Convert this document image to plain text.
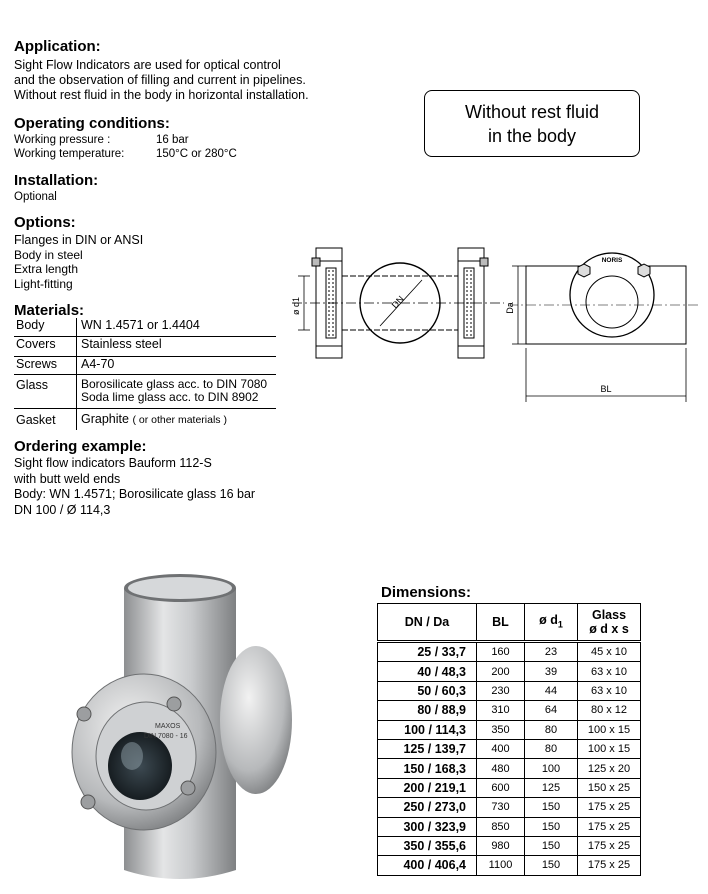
Application:
Sight Flow Indicators are used for optical control
and the observation of filling and current in pipelines.
Without rest fluid in the body in horizontal installation.
Operating conditions:
Working pressure :	16 bar
Working temperature:	150°C or 280°C
Installation:
Optional
Options:
Flanges in DIN or ANSI
Body in steel
Extra length
Light-fitting
Materials:
Body	WN 1.4571 or 1.4404
Covers	Stainless steel
Screws	A4-70
Glass	Borosilicate glass acc. to DIN 7080
Soda lime glass acc. to DIN 8902

Gasket	Graphite ( or other materials )
Ordering example:
Sight flow indicators Bauform 112-S
with butt weld ends
Body: WN 1.4571; Borosilicate glass 16 bar
DN 100 / Ø 114,3
Without rest fluid
in the body
ø d1	DN	Da
BL
NORIS
MAXOS
DIN 7080 - 16
Dimensions:
DN / Da	BL	ø $d_1$	Glass
ø d x s

25 / 33,7	160	23	45 x 10
40 / 48,3	200	39	63 x 10
50 / 60,3	230	44	63 x 10
80 / 88,9	310	64	80 x 12
100 / 114,3	350	80	100 x 15
125 / 139,7	400	80	100 x 15
150 / 168,3	480	100	125 x 20
200 / 219,1	600	125	150 x 25
250 / 273,0	730	150	175 x 25
300 / 323,9	850	150	175 x 25
350 / 355,6	980	150	175 x 25
400 / 406,4	1100	150	175 x 25
